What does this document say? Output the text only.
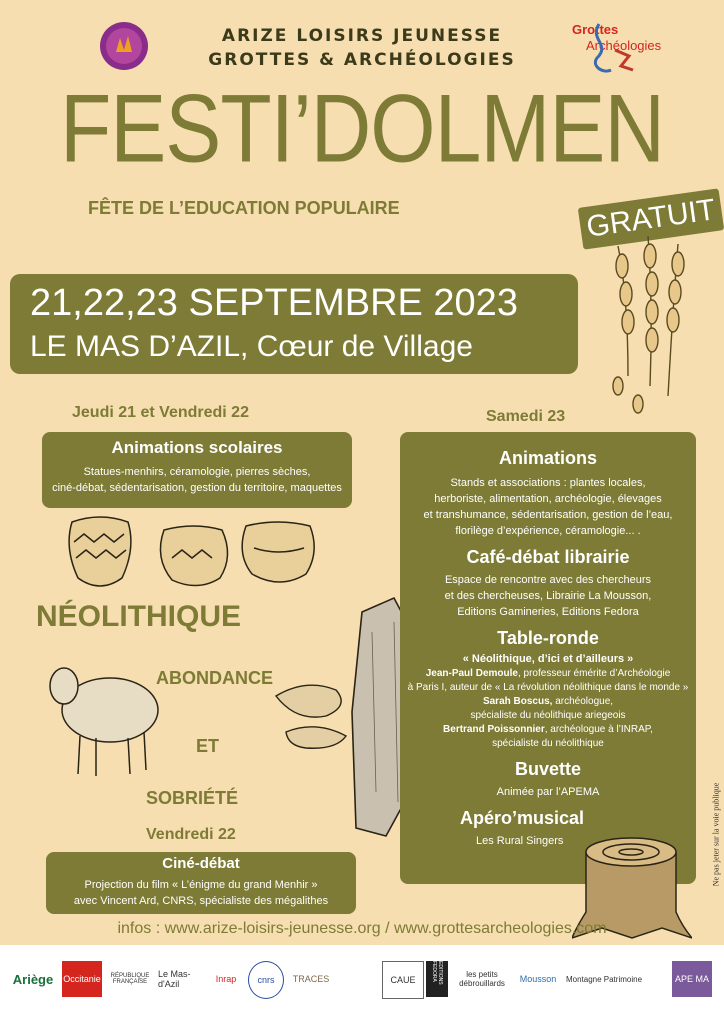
ARIZE LOISIRS JEUNESSE
GROTTES & ARCHÉOLOGIES
Grottes
Archéologies
FESTI’DOLMEN
FÊTE DE L’EDUCATION POPULAIRE	GRATUIT
21,22,23 SEPTEMBRE 2023
LE MAS D’AZIL, Cœur de Village
Jeudi 21 et Vendredi 22
Animations scolaires
Statues-menhirs, céramologie, pierres sèches,
ciné-débat, sédentarisation, gestion du territoire, maquettes
NÉOLITHIQUE
ABONDANCE
ET
SOBRIÉTÉ
Vendredi 22
Ciné-débat
Projection du film « L’énigme du grand Menhir »
avec Vincent Ard, CNRS, spécialiste des mégalithes
Samedi 23

Animations

Stands et associations : plantes locales,
herboriste, alimentation, archéologie, élevages
et transhumance, sédentarisation, gestion de l’eau,
florilège d’expérience, céramologie... .

Café-débat librairie

Espace de rencontre avec des chercheurs
et des chercheuses, Librairie La Mousson,
Editions Gamineries, Editions Fedora

Table-ronde

« Néolithique, d’ici et d’ailleurs »
Jean-Paul Demoule, professeur émérite d’Archéologie
à Paris I, auteur de « La révolution néolithique dans le monde »
Sarah Boscus, archéologue,
spécialiste du néolithique ariegeois
Bertrand Poissonnier, archéologue à l’INRAP,
spécialiste du néolithique

Buvette

Animée par l’APEMA

Apéro’musical

Les Rural Singers	Ne pas jeter sur la voie publique
infos : www.arize-loisirs-jeunesse.org / www.grottesarcheologies.com
Ariège	Occitanie	RÉPUBLIQUE FRANÇAISE
Le Mas-d'Azil	Inrap	cnrs	TRACES	CAUE	EDITIONS FEDORA	les petits débrouillards	Mousson	Montagne Patrimoine	APE MA
